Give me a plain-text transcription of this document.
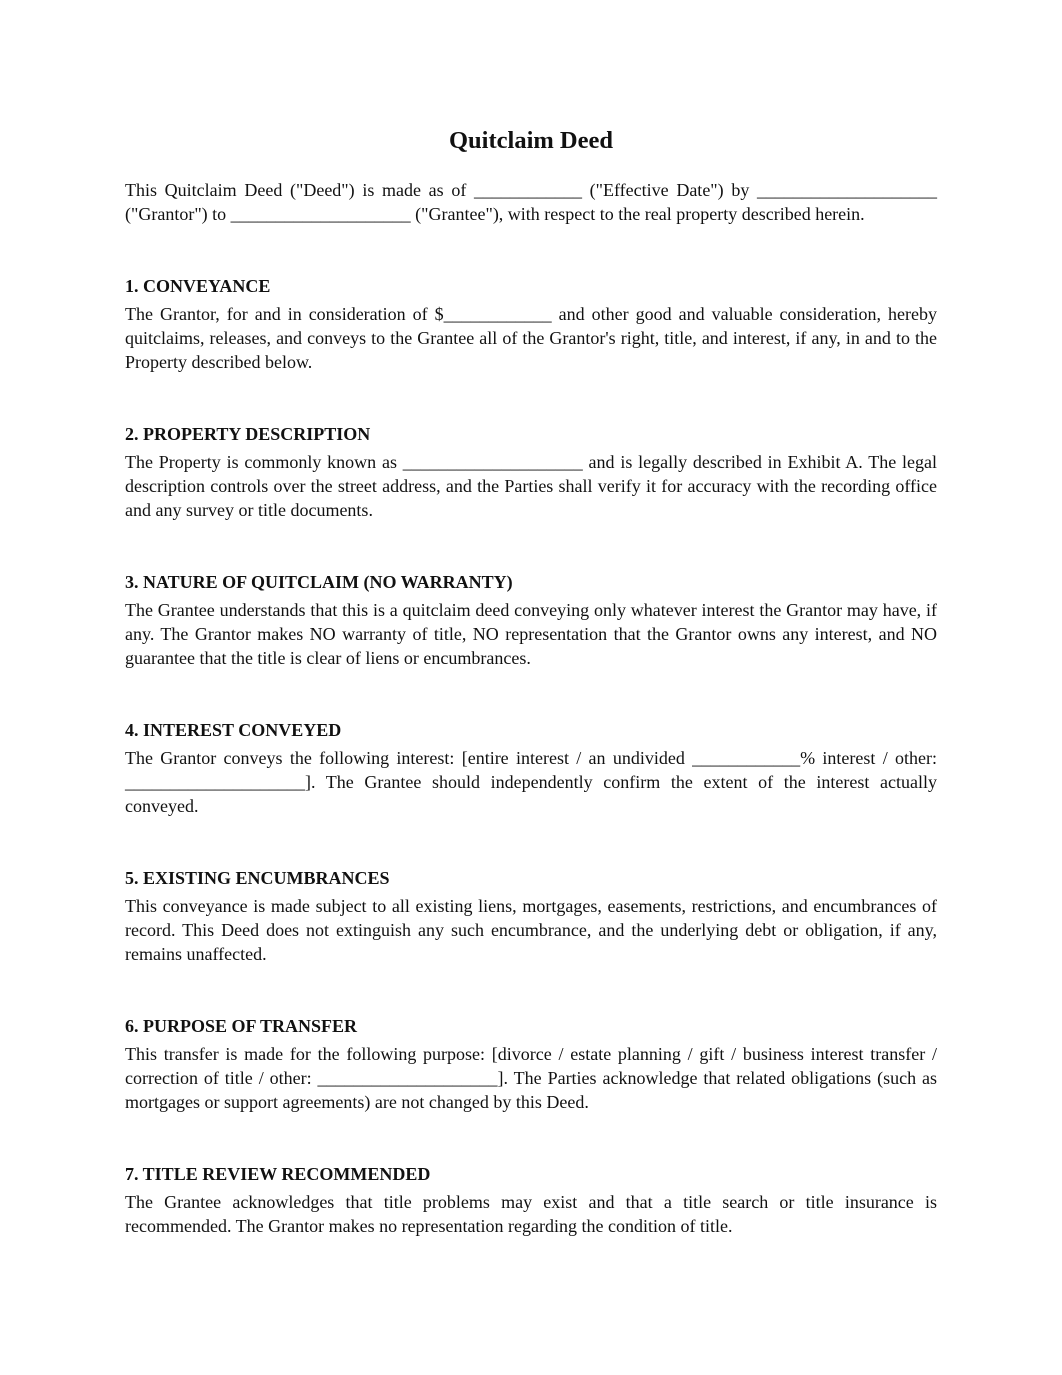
Quitclaim Deed

This Quitclaim Deed ("Deed") is made as of ____________ ("Effective Date") by ____________________ ("Grantor") to ____________________ ("Grantee"), with respect to the real property described herein.

1. CONVEYANCE

The Grantor, for and in consideration of $____________ and other good and valuable consideration, hereby quitclaims, releases, and conveys to the Grantee all of the Grantor's right, title, and interest, if any, in and to the Property described below.

2. PROPERTY DESCRIPTION

The Property is commonly known as ____________________ and is legally described in Exhibit A. The legal description controls over the street address, and the Parties shall verify it for accuracy with the recording office and any survey or title documents.

3. NATURE OF QUITCLAIM (NO WARRANTY)

The Grantee understands that this is a quitclaim deed conveying only whatever interest the Grantor may have, if any. The Grantor makes NO warranty of title, NO representation that the Grantor owns any interest, and NO guarantee that the title is clear of liens or encumbrances.

4. INTEREST CONVEYED

The Grantor conveys the following interest: [entire interest / an undivided ____________% interest / other: ____________________]. The Grantee should independently confirm the extent of the interest actually conveyed.

5. EXISTING ENCUMBRANCES

This conveyance is made subject to all existing liens, mortgages, easements, restrictions, and encumbrances of record. This Deed does not extinguish any such encumbrance, and the underlying debt or obligation, if any, remains unaffected.

6. PURPOSE OF TRANSFER

This transfer is made for the following purpose: [divorce / estate planning / gift / business interest transfer / correction of title / other: ____________________]. The Parties acknowledge that related obligations (such as mortgages or support agreements) are not changed by this Deed.

7. TITLE REVIEW RECOMMENDED

The Grantee acknowledges that title problems may exist and that a title search or title insurance is recommended. The Grantor makes no representation regarding the condition of title.
